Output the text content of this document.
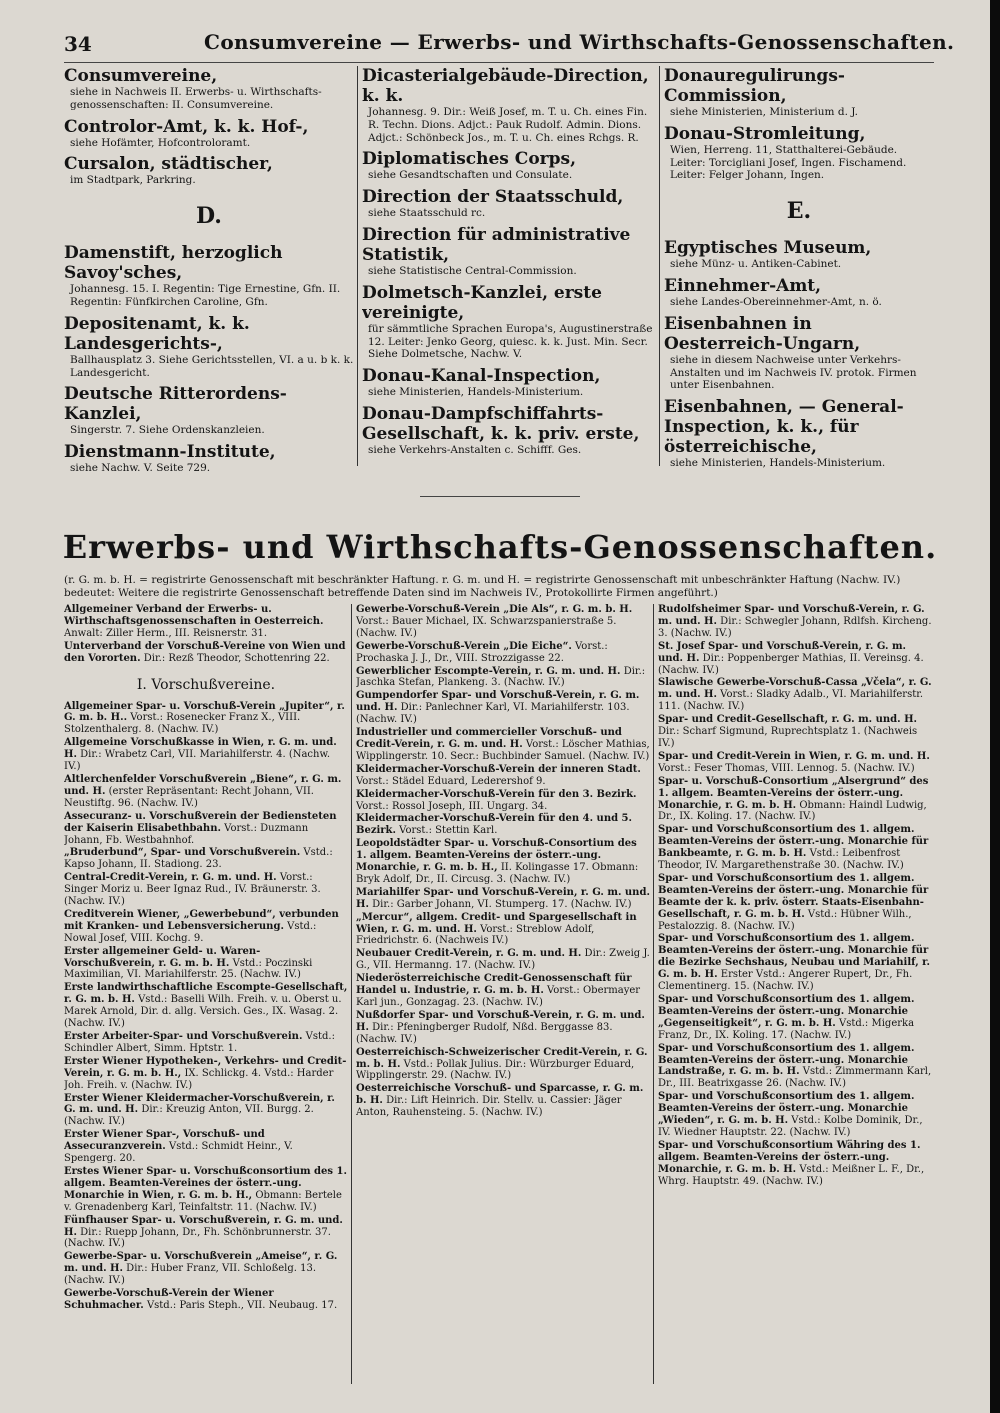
34	Consumvereine — Erwerbs- und Wirthschafts-Genossenschaften.
Consumvereine,
siehe in Nachweis II. Erwerbs- u. Wirthschafts-genossenschaften: II. Consumvereine.
Controlor-Amt, k. k. Hof-,
siehe Hofämter, Hofcontroloramt.
Cursalon, städtischer,
im Stadtpark, Parkring.
D.
Damenstift, herzoglich Savoy'sches,
Johannesg. 15. I. Regentin: Tige Ernestine, Gfn. II. Regentin: Fünfkirchen Caroline, Gfn.
Depositenamt, k. k. Landesgerichts-,
Ballhausplatz 3. Siehe Gerichtsstellen, VI. a u. b k. k. Landesgericht.
Deutsche Ritterordens-Kanzlei,
Singerstr. 7. Siehe Ordenskanzleien.
Dienstmann-Institute,
siehe Nachw. V. Seite 729.
Dicasterialgebäude-Direction, k. k.
Johannesg. 9. Dir.: Weiß Josef, m. T. u. Ch. eines Fin. R. Techn. Dions. Adjct.: Pauk Rudolf. Admin. Dions. Adjct.: Schönbeck Jos., m. T. u. Ch. eines Rchgs. R.
Diplomatisches Corps,
siehe Gesandtschaften und Consulate.
Direction der Staatsschuld,
siehe Staatsschuld rc.
Direction für administrative Statistik,
siehe Statistische Central-Commission.
Dolmetsch-Kanzlei, erste vereinigte,
für sämmtliche Sprachen Europa's, Augustinerstraße 12. Leiter: Jenko Georg, quiesc. k. k. Just. Min. Secr. Siehe Dolmetsche, Nachw. V.
Donau-Kanal-Inspection,
siehe Ministerien, Handels-Ministerium.
Donau-Dampfschiffahrts-Gesellschaft, k. k. priv. erste,
siehe Verkehrs-Anstalten c. Schifff. Ges.
Donauregulirungs-Commission,
siehe Ministerien, Ministerium d. J.
Donau-Stromleitung,
Wien, Herreng. 11, Statthalterei-Gebäude. Leiter: Torcigliani Josef, Ingen. Fischamend. Leiter: Felger Johann, Ingen.
E.
Egyptisches Museum,
siehe Münz- u. Antiken-Cabinet.
Einnehmer-Amt,
siehe Landes-Obereinnehmer-Amt, n. ö.
Eisenbahnen in Oesterreich-Ungarn,
siehe in diesem Nachweise unter Verkehrs-Anstalten und im Nachweis IV. protok. Firmen unter Eisenbahnen.
Eisenbahnen, — General-Inspection, k. k., für österreichische,
siehe Ministerien, Handels-Ministerium.
Erwerbs- und Wirthschafts-Genossenschaften.
(r. G. m. b. H. = registrirte Genossenschaft mit beschränkter Haftung. r. G. m. und H. = registrirte Genossenschaft mit unbeschränkter Haftung (Nachw. IV.) bedeutet: Weitere die registrirte Genossenschaft betreffende Daten sind im Nachweis IV., Protokollirte Firmen angeführt.)
Allgemeiner Verband der Erwerbs- u. Wirthschaftsgenossenschaften in Oesterreich. Anwalt: Ziller Herm., III. Reisnerstr. 31.
Unterverband der Vorschuß-Vereine von Wien und den Vororten. Dir.: Rezß Theodor, Schottenring 22.
I. Vorschußvereine.
Allgemeiner Spar- u. Vorschuß-Verein „Jupiter“, r. G. m. b. H.. Vorst.: Rosenecker Franz X., VIII. Stolzenthalerg. 8. (Nachw. IV.)
Allgemeine Vorschußkasse in Wien, r. G. m. und. H. Dir.: Wrabetz Carl, VII. Mariahilferstr. 4. (Nachw. IV.)
Altlerchenfelder Vorschußverein „Biene“, r. G. m. und. H. (erster Repräsentant: Recht Johann, VII. Neustiftg. 96. (Nachw. IV.)
Assecuranz- u. Vorschußverein der Bediensteten der Kaiserin Elisabethbahn. Vorst.: Duzmann Johann, Fb. Westbahnhof.
„Bruderbund“, Spar- und Vorschußverein. Vstd.: Kapso Johann, II. Stadiong. 23.
Central-Credit-Verein, r. G. m. und. H. Vorst.: Singer Moriz u. Beer Ignaz Rud., IV. Bräunerstr. 3. (Nachw. IV.)
Creditverein Wiener, „Gewerbebund“, verbunden mit Kranken- und Lebensversicherung. Vstd.: Nowal Josef, VIII. Kochg. 9.
Erster allgemeiner Geld- u. Waren-Vorschußverein, r. G. m. b. H. Vstd.: Poczinski Maximilian, VI. Mariahilferstr. 25. (Nachw. IV.)
Erste landwirthschaftliche Escompte-Gesellschaft, r. G. m. b. H. Vstd.: Baselli Wilh. Freih. v. u. Oberst u. Marek Arnold, Dir. d. allg. Versich. Ges., IX. Wasag. 2. (Nachw. IV.)
Erster Arbeiter-Spar- und Vorschußverein. Vstd.: Schindler Albert, Simm. Hptstr. 1.
Erster Wiener Hypotheken-, Verkehrs- und Credit-Verein, r. G. m. b. H., IX. Schlickg. 4. Vstd.: Harder Joh. Freih. v. (Nachw. IV.)
Erster Wiener Kleidermacher-Vorschußverein, r. G. m. und. H. Dir.: Kreuzig Anton, VII. Burgg. 2. (Nachw. IV.)
Erster Wiener Spar-, Vorschuß- und Assecuranzverein. Vstd.: Schmidt Heinr., V. Spengerg. 20.
Erstes Wiener Spar- u. Vorschußconsortium des 1. allgem. Beamten-Vereines der österr.-ung. Monarchie in Wien, r. G. m. b. H., Obmann: Bertele v. Grenadenberg Karl, Teinfaltstr. 11. (Nachw. IV.)
Fünfhauser Spar- u. Vorschußverein, r. G. m. und. H. Dir.: Ruepp Johann, Dr., Fh. Schönbrunnerstr. 37. (Nachw. IV.)
Gewerbe-Spar- u. Vorschußverein „Ameise“, r. G. m. und. H. Dir.: Huber Franz, VII. Schloßelg. 13. (Nachw. IV.)
Gewerbe-Vorschuß-Verein der Wiener Schuhmacher. Vstd.: Paris Steph., VII. Neubaug. 17.
Gewerbe-Vorschuß-Verein „Die Als“, r. G. m. b. H. Vorst.: Bauer Michael, IX. Schwarzspanierstraße 5. (Nachw. IV.)
Gewerbe-Vorschuß-Verein „Die Eiche“. Vorst.: Prochaska J. J., Dr., VIII. Strozzigasse 22.
Gewerblicher Escompte-Verein, r. G. m. und. H. Dir.: Jaschka Stefan, Plankeng. 3. (Nachw. IV.)
Gumpendorfer Spar- und Vorschuß-Verein, r. G. m. und. H. Dir.: Panlechner Karl, VI. Mariahilferstr. 103. (Nachw. IV.)
Industrieller und commercieller Vorschuß- und Credit-Verein, r. G. m. und. H. Vorst.: Löscher Mathias, Wipplingerstr. 10. Secr.: Buchbinder Samuel. (Nachw. IV.)
Kleidermacher-Vorschuß-Verein der inneren Stadt. Vorst.: Städel Eduard, Lederershof 9.
Kleidermacher-Vorschuß-Verein für den 3. Bezirk. Vorst.: Rossol Joseph, III. Ungarg. 34.
Kleidermacher-Vorschuß-Verein für den 4. und 5. Bezirk. Vorst.: Stettin Karl.
Leopoldstädter Spar- u. Vorschuß-Consortium des 1. allgem. Beamten-Vereins der österr.-ung. Monarchie, r. G. m. b. H., II. Kolingasse 17. Obmann: Bryk Adolf, Dr., II. Circusg. 3. (Nachw. IV.)
Mariahilfer Spar- und Vorschuß-Verein, r. G. m. und. H. Dir.: Garber Johann, VI. Stumperg. 17. (Nachw. IV.)
„Mercur“, allgem. Credit- und Spargesellschaft in Wien, r. G. m. und. H. Vorst.: Streblow Adolf, Friedrichstr. 6. (Nachweis IV.)
Neubauer Credit-Verein, r. G. m. und. H. Dir.: Zweig J. G., VII. Hermanng. 17. (Nachw. IV.)
Niederösterreichische Credit-Genossenschaft für Handel u. Industrie, r. G. m. b. H. Vorst.: Obermayer Karl jun., Gonzagag. 23. (Nachw. IV.)
Nußdorfer Spar- und Vorschuß-Verein, r. G. m. und. H. Dir.: Pfeningberger Rudolf, Nßd. Berggasse 83. (Nachw. IV.)
Oesterreichisch-Schweizerischer Credit-Verein, r. G. m. b. H. Vstd.: Pollak Julius. Dir.: Würzburger Eduard, Wipplingerstr. 29. (Nachw. IV.)
Oesterreichische Vorschuß- und Sparcasse, r. G. m. b. H. Dir.: Lift Heinrich. Dir. Stellv. u. Cassier: Jäger Anton, Rauhensteing. 5. (Nachw. IV.)
Rudolfsheimer Spar- und Vorschuß-Verein, r. G. m. und. H. Dir.: Schwegler Johann, Rdlfsh. Kircheng. 3. (Nachw. IV.)
St. Josef Spar- und Vorschuß-Verein, r. G. m. und. H. Dir.: Poppenberger Mathias, II. Vereinsg. 4. (Nachw. IV.)
Slawische Gewerbe-Vorschuß-Cassa „Včela“, r. G. m. und. H. Vorst.: Sladky Adalb., VI. Mariahilferstr. 111. (Nachw. IV.)
Spar- und Credit-Gesellschaft, r. G. m. und. H. Dir.: Scharf Sigmund, Ruprechtsplatz 1. (Nachweis IV.)
Spar- und Credit-Verein in Wien, r. G. m. und. H. Vorst.: Feser Thomas, VIII. Lennog. 5. (Nachw. IV.)
Spar- u. Vorschuß-Consortium „Alsergrund“ des 1. allgem. Beamten-Vereins der österr.-ung. Monarchie, r. G. m. b. H. Obmann: Haindl Ludwig, Dr., IX. Koling. 17. (Nachw. IV.)
Spar- und Vorschußconsortium des 1. allgem. Beamten-Vereins der österr.-ung. Monarchie für Bankbeamte, r. G. m. b. H. Vstd.: Leibenfrost Theodor, IV. Margarethenstraße 30. (Nachw. IV.)
Spar- und Vorschußconsortium des 1. allgem. Beamten-Vereins der österr.-ung. Monarchie für Beamte der k. k. priv. österr. Staats-Eisenbahn-Gesellschaft, r. G. m. b. H. Vstd.: Hübner Wilh., Pestalozzig. 8. (Nachw. IV.)
Spar- und Vorschußconsortium des 1. allgem. Beamten-Vereins der österr.-ung. Monarchie für die Bezirke Sechshaus, Neubau und Mariahilf, r. G. m. b. H. Erster Vstd.: Angerer Rupert, Dr., Fh. Clementinerg. 15. (Nachw. IV.)
Spar- und Vorschußconsortium des 1. allgem. Beamten-Vereins der österr.-ung. Monarchie „Gegenseitigkeit“, r. G. m. b. H. Vstd.: Migerka Franz, Dr., IX. Koling. 17. (Nachw. IV.)
Spar- und Vorschußconsortium des 1. allgem. Beamten-Vereins der österr.-ung. Monarchie Landstraße, r. G. m. b. H. Vstd.: Zimmermann Karl, Dr., III. Beatrixgasse 26. (Nachw. IV.)
Spar- und Vorschußconsortium des 1. allgem. Beamten-Vereins der österr.-ung. Monarchie „Wieden“, r. G. m. b. H. Vstd.: Kolbe Dominik, Dr., IV. Wiedner Hauptstr. 22. (Nachw. IV.)
Spar- und Vorschußconsortium Währing des 1. allgem. Beamten-Vereins der österr.-ung. Monarchie, r. G. m. b. H. Vstd.: Meißner L. F., Dr., Whrg. Hauptstr. 49. (Nachw. IV.)
